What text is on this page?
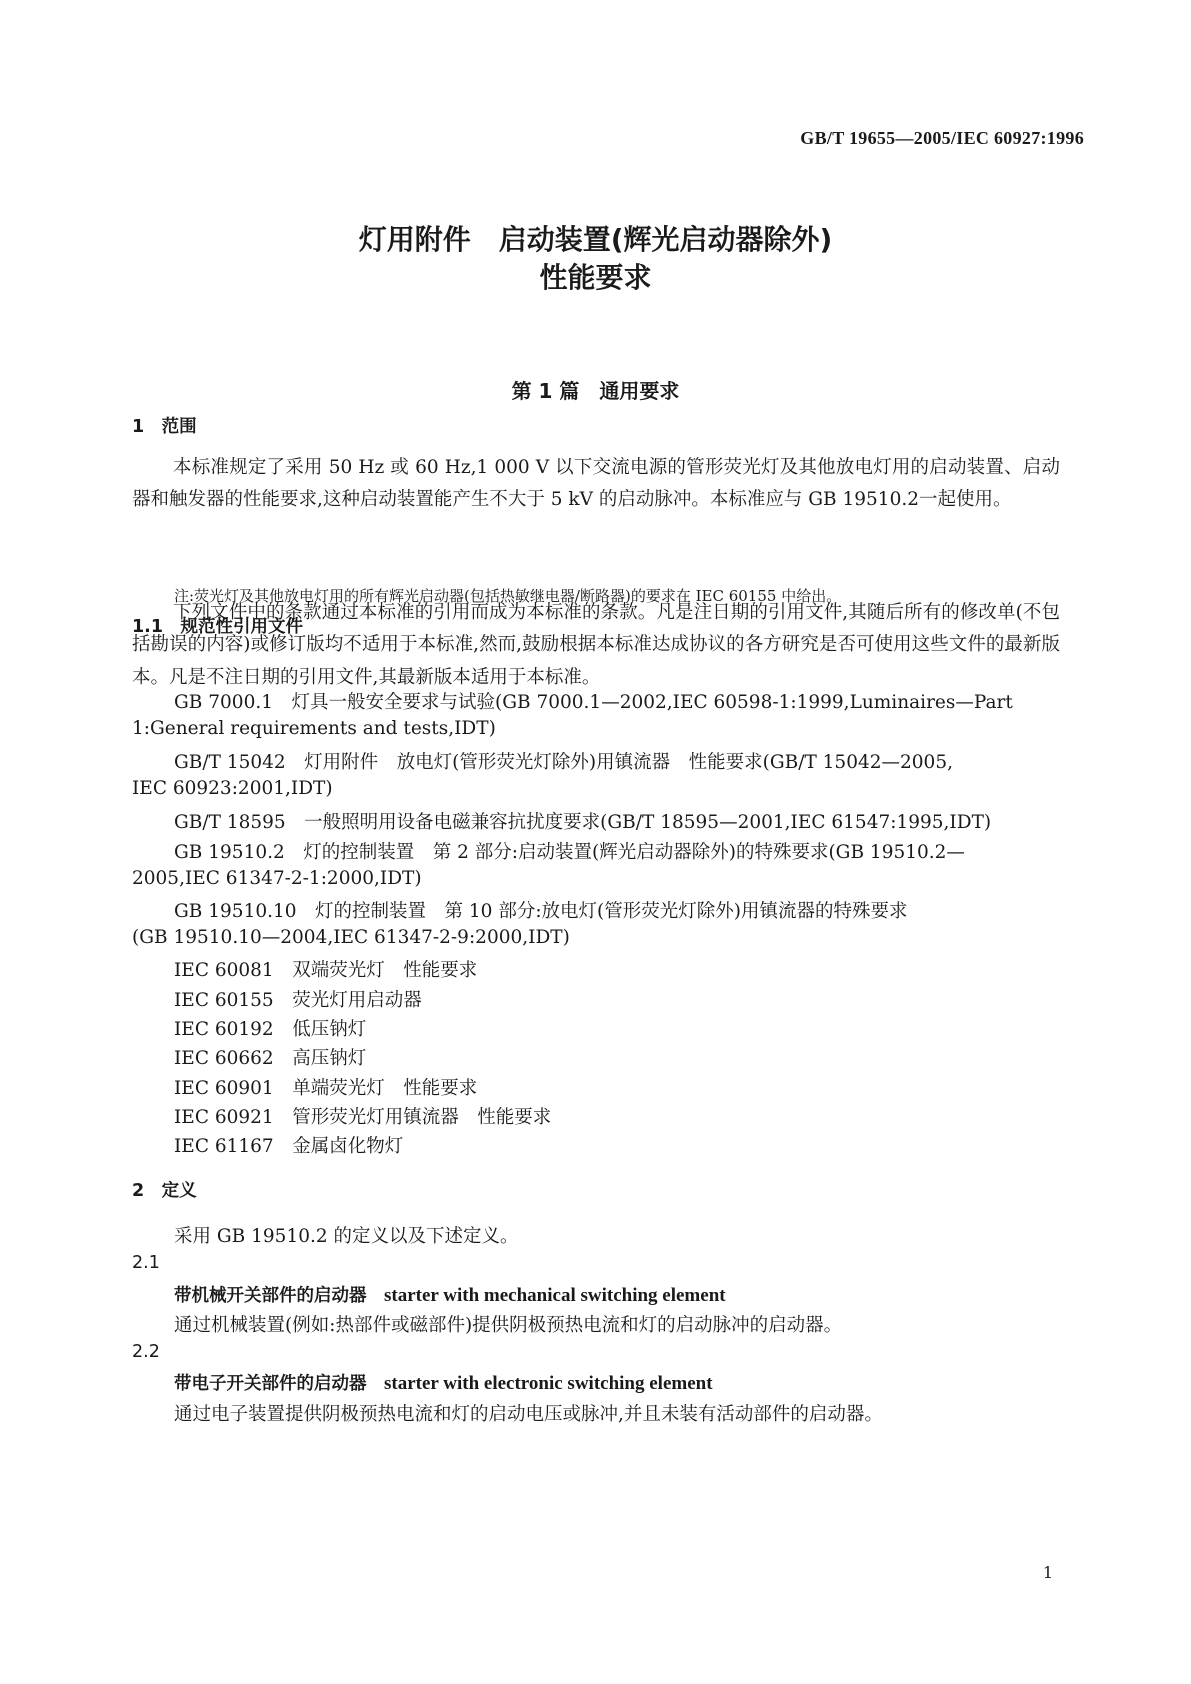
GB/T 19655—2005/IEC 60927:1996
灯用附件　启动装置(辉光启动器除外)
性能要求
第 1 篇　通用要求
1　范围
本标准规定了采用 50 Hz 或 60 Hz,1 000 V 以下交流电源的管形荧光灯及其他放电灯用的启动装置、启动器和触发器的性能要求,这种启动装置能产生不大于 5 kV 的启动脉冲。本标准应与 GB 19510.2一起使用。
注:荧光灯及其他放电灯用的所有辉光启动器(包括热敏继电器/断路器)的要求在 IEC 60155 中给出。
1.1　规范性引用文件
下列文件中的条款通过本标准的引用而成为本标准的条款。凡是注日期的引用文件,其随后所有的修改单(不包括勘误的内容)或修订版均不适用于本标准,然而,鼓励根据本标准达成协议的各方研究是否可使用这些文件的最新版本。凡是不注日期的引用文件,其最新版本适用于本标准。
GB 7000.1　灯具一般安全要求与试验(GB 7000.1—2002,IEC 60598-1:1999,Luminaires—Part
1:General requirements and tests,IDT)
GB/T 15042　灯用附件　放电灯(管形荧光灯除外)用镇流器　性能要求(GB/T 15042—2005,
IEC 60923:2001,IDT)
GB/T 18595　一般照明用设备电磁兼容抗扰度要求(GB/T 18595—2001,IEC 61547:1995,IDT)
GB 19510.2　灯的控制装置　第 2 部分:启动装置(辉光启动器除外)的特殊要求(GB 19510.2—
2005,IEC 61347-2-1:2000,IDT)
GB 19510.10　灯的控制装置　第 10 部分:放电灯(管形荧光灯除外)用镇流器的特殊要求
(GB 19510.10—2004,IEC 61347-2-9:2000,IDT)
IEC 60081　双端荧光灯　性能要求
IEC 60155　荧光灯用启动器
IEC 60192　低压钠灯
IEC 60662　高压钠灯
IEC 60901　单端荧光灯　性能要求
IEC 60921　管形荧光灯用镇流器　性能要求
IEC 61167　金属卤化物灯
2　定义
采用 GB 19510.2 的定义以及下述定义。
2.1
带机械开关部件的启动器　 starter with mechanical switching element
通过机械装置(例如:热部件或磁部件)提供阴极预热电流和灯的启动脉冲的启动器。
2.2
带电子开关部件的启动器　 starter with electronic switching element
通过电子装置提供阴极预热电流和灯的启动电压或脉冲,并且未装有活动部件的启动器。
1
